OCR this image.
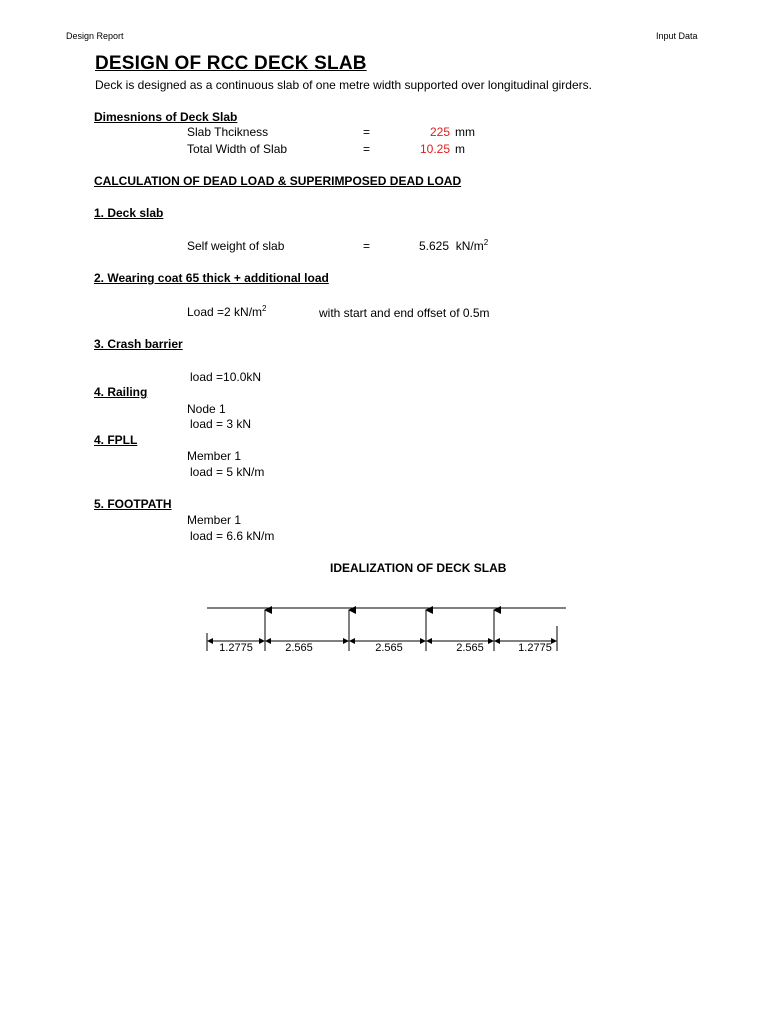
Design Report	Input Data
DESIGN OF RCC DECK SLAB
Deck is designed as a continuous slab of one metre width supported over longitudinal girders.
Dimesnions of Deck Slab
Slab Thcikness	=	225 mm
Total Width of Slab	=	10.25 m
CALCULATION OF DEAD LOAD & SUPERIMPOSED DEAD LOAD
1. Deck slab
Self weight of slab	=	5.625  $kN/m^2$
2. Wearing coat 65 thick + additional load
Load =2 $kN/m^2$	with start and end offset of 0.5m
3. Crash barrier
load =10.0kN
4. Railing
Node 1
load = 3 kN
4. FPLL
Member 1
load = 5 kN/m
5. FOOTPATH
Member 1
load = 6.6 kN/m
IDEALIZATION OF DECK SLAB
1.2775	2.565	2.565	2.565	1.2775
